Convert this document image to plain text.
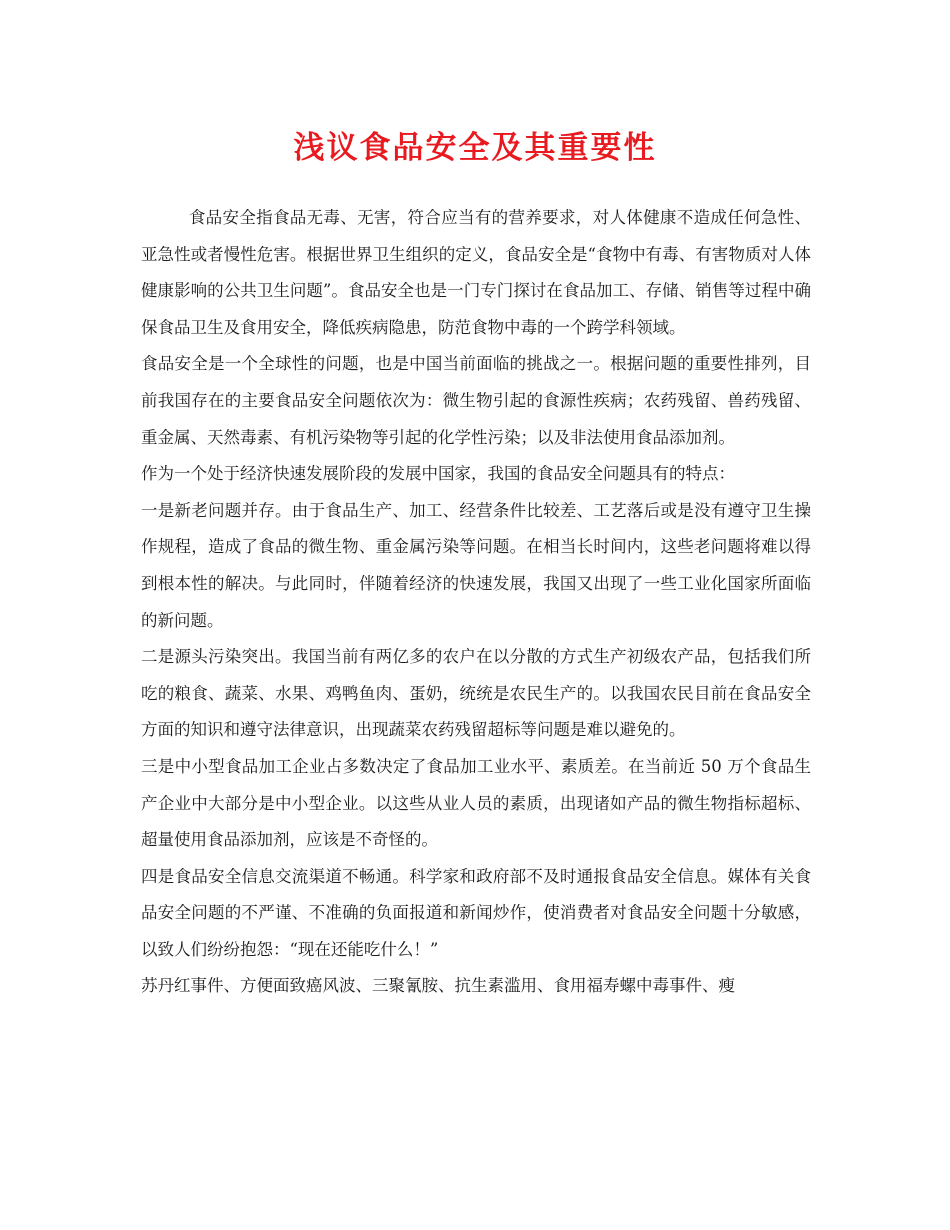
浅议食品安全及其重要性

食品安全指食品无毒、无害，符合应当有的营养要求，对人体健康不造成任何急性、亚急性或者慢性危害。根据世界卫生组织的定义，食品安全是“食物中有毒、有害物质对人体健康影响的公共卫生问题”。食品安全也是一门专门探讨在食品加工、存储、销售等过程中确保食品卫生及食用安全，降低疾病隐患，防范食物中毒的一个跨学科领域。

食品安全是一个全球性的问题，也是中国当前面临的挑战之一。根据问题的重要性排列，目前我国存在的主要食品安全问题依次为：微生物引起的食源性疾病；农药残留、兽药残留、重金属、天然毒素、有机污染物等引起的化学性污染；以及非法使用食品添加剂。

作为一个处于经济快速发展阶段的发展中国家，我国的食品安全问题具有的特点：

一是新老问题并存。由于食品生产、加工、经营条件比较差、工艺落后或是没有遵守卫生操作规程，造成了食品的微生物、重金属污染等问题。在相当长时间内，这些老问题将难以得到根本性的解决。与此同时，伴随着经济的快速发展，我国又出现了一些工业化国家所面临的新问题。

二是源头污染突出。我国当前有两亿多的农户在以分散的方式生产初级农产品，包括我们所吃的粮食、蔬菜、水果、鸡鸭鱼肉、蛋奶，统统是农民生产的。以我国农民目前在食品安全方面的知识和遵守法律意识，出现蔬菜农药残留超标等问题是难以避免的。

三是中小型食品加工企业占多数决定了食品加工业水平、素质差。在当前近 50 万个食品生产企业中大部分是中小型企业。以这些从业人员的素质，出现诸如产品的微生物指标超标、超量使用食品添加剂，应该是不奇怪的。

四是食品安全信息交流渠道不畅通。科学家和政府部不及时通报食品安全信息。媒体有关食品安全问题的不严谨、不准确的负面报道和新闻炒作，使消费者对食品安全问题十分敏感，以致人们纷纷抱怨：“现在还能吃什么！”

苏丹红事件、方便面致癌风波、三聚氰胺、抗生素滥用、食用福寿螺中毒事件、瘦
